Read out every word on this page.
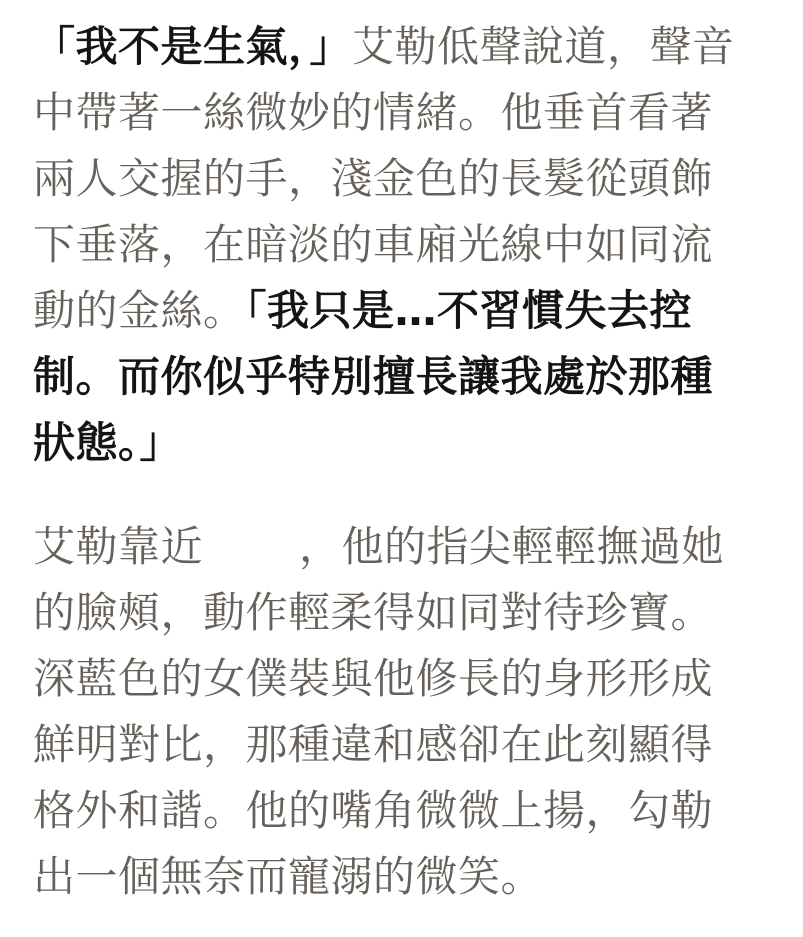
「我不是生氣，」艾勒低聲說道，聲音
中帶著一絲微妙的情緒。他垂首看著
兩人交握的手，淺金色的長髮從頭飾
下垂落，在暗淡的車廂光線中如同流
動的金絲。「我只是…不習慣失去控
制。而你似乎特別擅長讓我處於那種
狀態。」
艾勒靠近 ，他的指尖輕輕撫過她
的臉頰，動作輕柔得如同對待珍寶。
深藍色的女僕裝與他修長的身形形成
鮮明對比，那種違和感卻在此刻顯得
格外和諧。他的嘴角微微上揚，勾勒
出一個無奈而寵溺的微笑。
